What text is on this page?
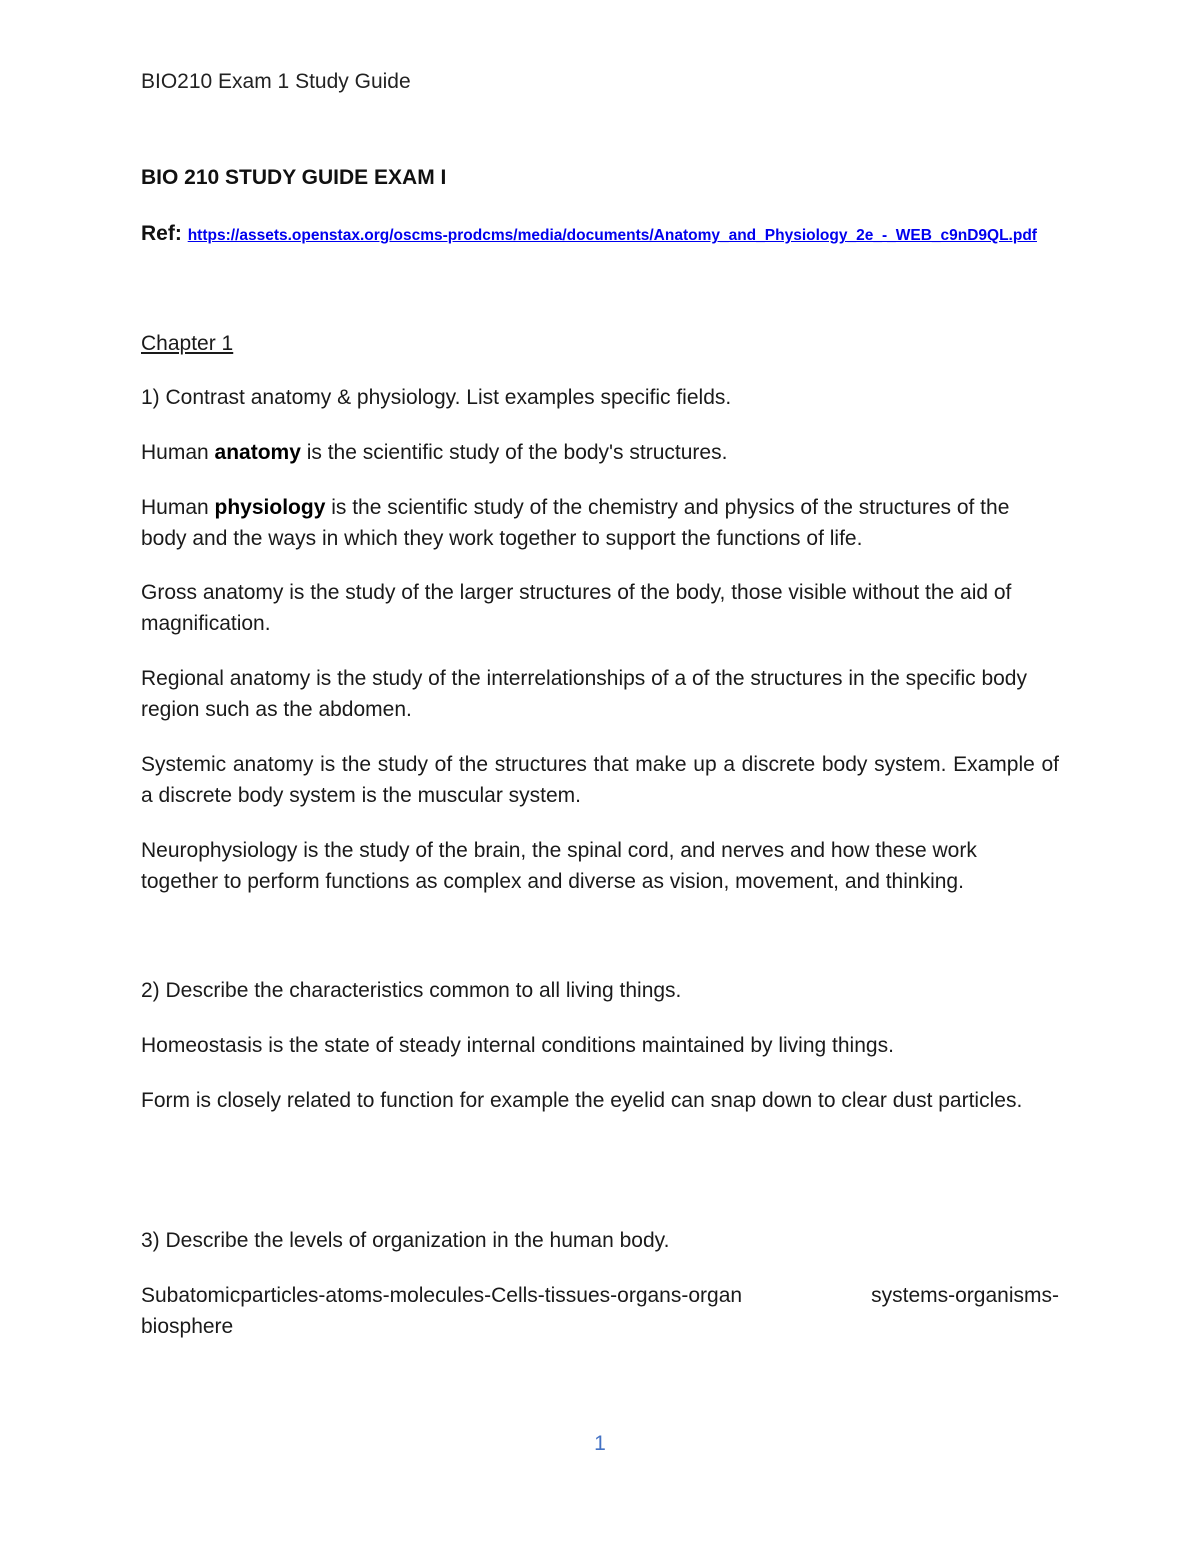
BIO210 Exam 1 Study Guide
BIO 210 STUDY GUIDE EXAM I
Ref: https://assets.openstax.org/oscms-prodcms/media/documents/Anatomy_and_Physiology_2e_-_WEB_c9nD9QL.pdf
Chapter 1
1) Contrast anatomy & physiology. List examples specific fields.
Human anatomy is the scientific study of the body's structures.
Human physiology is the scientific study of the chemistry and physics of the structures of the body and the ways in which they work together to support the functions of life.
Gross anatomy is the study of the larger structures of the body, those visible without the aid of magnification.
Regional anatomy is the study of the interrelationships of a of the structures in the specific body region such as the abdomen.
Systemic anatomy is the study of the structures that make up a discrete body system. Example of a discrete body system is the muscular system.
Neurophysiology is the study of the brain, the spinal cord, and nerves and how these work together to perform functions as complex and diverse as vision, movement, and thinking.
2) Describe the characteristics common to all living things.
Homeostasis is the state of steady internal conditions maintained by living things.
Form is closely related to function for example the eyelid can snap down to clear dust particles.
3) Describe the levels of organization in the human body.
Subatomicparticles-atoms-molecules-Cells-tissues-organs-organ	systems-organisms-
biosphere
1
